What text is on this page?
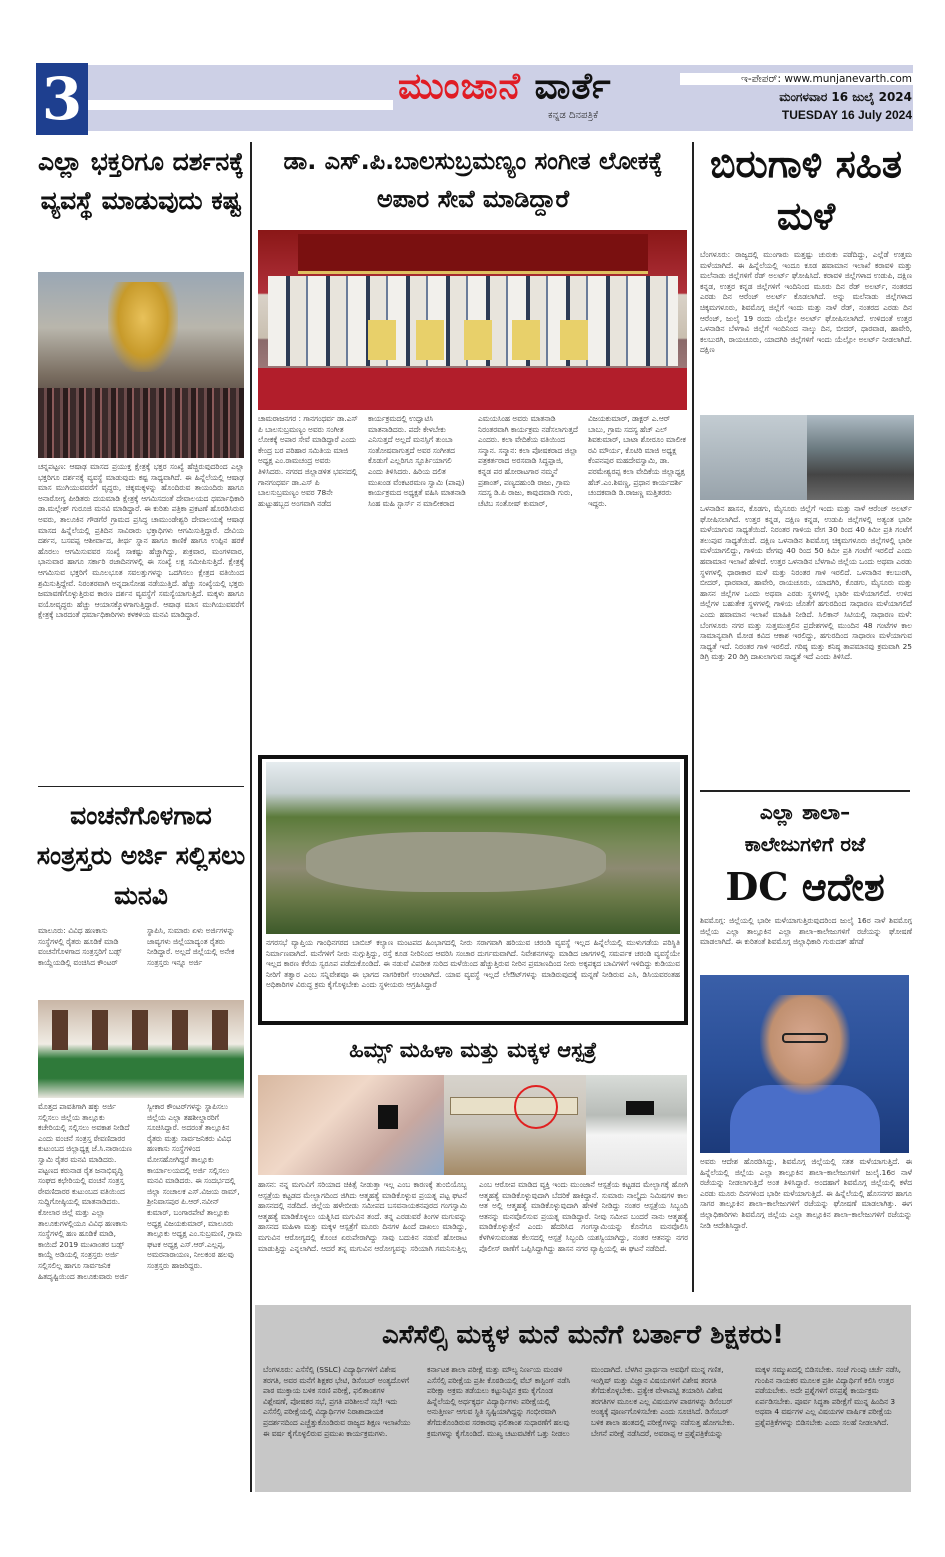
3	ಮುಂಜಾನೆ ವಾರ್ತೆ
ಕನ್ನಡ ದಿನಪತ್ರಿಕೆ
ಇ-ಪೇಪರ್: www.munjanevarth.com
ಮಂಗಳವಾರ 16 ಜುಲೈ 2024
TUESDAY 16 July 2024
ಎಲ್ಲಾ ಭಕ್ತರಿಗೂ ದರ್ಶನಕ್ಕೆ ವ್ಯವಸ್ಥೆ ಮಾಡುವುದು ಕಷ್ಟ
ಚನ್ನಪಟ್ಟಣ: ಆಷಾಢ ಮಾಸದ ಪ್ರಯುಕ್ತ ಕ್ಷೇತ್ರಕ್ಕೆ ಭಕ್ತರ ಸಂಖ್ಯೆ ಹೆಚ್ಚಿರುವುದರಿಂದ ಎಲ್ಲಾ ಭಕ್ತರಿಗೂ ದರ್ಶನಕ್ಕೆ ವ್ಯವಸ್ಥೆ ಮಾಡುವುದು ಕಷ್ಟ ಸಾಧ್ಯವಾಗಿದೆ. ಈ ಹಿನ್ನೆಲೆಯಲ್ಲಿ ಆಷಾಢ ಮಾಸ ಮುಗಿಯುವವರೆಗೆ ವೃದ್ಧರು, ಚಿಕ್ಕಮಕ್ಕಳನ್ನು ಹೊಂದಿರುವ ತಾಯಂದಿರು ಹಾಗೂ ಅನಾರೋಗ್ಯ ಪೀಡಿತರು ದಯಮಾಡಿ ಕ್ಷೇತ್ರಕ್ಕೆ ಆಗಮಿಸದಂತೆ ದೇವಾಲಯದ ಧರ್ಮಾಧಿಕಾರಿ ಡಾ.ಮಲ್ಲೇಶ್ ಗುರೂಜಿ ಮನವಿ ಮಾಡಿದ್ದಾರೆ. ಈ ಕುರಿತು ಪತ್ರಿಕಾ ಪ್ರಕಟಣೆ ಹೊರಡಿಸಿರುವ ಅವರು, ತಾಲೂಕಿನ ಗೌಡಗೆರೆ ಗ್ರಾಮದ ಪ್ರಸಿದ್ಧ ಚಾಮುಂಡೇಶ್ವರಿ ದೇವಾಲಯಕ್ಕೆ ಆಷಾಢ ಮಾಸದ ಹಿನ್ನೆಲೆಯಲ್ಲಿ ಪ್ರತಿದಿನ ಸಾವಿರಾರು ಭಕ್ತಾಧಿಗಳು ಆಗಮಿಸುತ್ತಿದ್ದಾರೆ. ದೇವಿಯ ದರ್ಶನ, ಬಸವಪ್ಪ ಆಶೀರ್ವಾದ, ತೀರ್ಥ ಸ್ನಾನ ಹಾಗೂ ಕಾಣಿಕೆ ಹಾಗೂ ಉಪ್ಪಿನ ಹರಕೆ ಹೊರಲು ಆಗಮಿಸುವವರ ಸಂಖ್ಯೆ ಸಾಕಷ್ಟು ಹೆಚ್ಚಾಗಿದ್ದು, ಶುಕ್ರವಾರ, ಮಂಗಳವಾರ, ಭಾನುವಾರ ಹಾಗೂ ಸರ್ಕಾರಿ ರಜಾದಿನಗಳಲ್ಲಿ ಈ ಸಂಖ್ಯೆ ಲಕ್ಷ ಸಮೀಪಿಸುತ್ತಿದೆ. ಕ್ಷೇತ್ರಕ್ಕೆ ಆಗಮಿಸುವ ಭಕ್ತರಿಗೆ ಮೂಲಭೂತ ಸವಲತ್ತುಗಳನ್ನು ಒದಗಿಸಲು ಕ್ಷೇತ್ರದ ವತಿಯಿಂದ ಶ್ರಮಿಸುತ್ತಿದ್ದೇವೆ. ನಿರಂತರವಾಗಿ ಅನ್ನದಾಸೋಹ ನಡೆಯುತ್ತಿದೆ. ಹೆಚ್ಚು ಸಂಖ್ಯೆಯಲ್ಲಿ ಭಕ್ತರು ಜಮಾವಣೆಗೊಳ್ಳುತ್ತಿರುವ ಕಾರಣ ದರ್ಶನ ವ್ಯವಸ್ಥೆಗೆ ಸಮಸ್ಯೆಯಾಗುತ್ತಿದೆ. ಮಕ್ಕಳು ಹಾಗೂ ವಯೋವೃದ್ಧರು ಹೆಚ್ಚು ಆಯಾಸಕ್ಕೊಳಗಾಗುತ್ತಿದ್ದಾರೆ. ಆಷಾಢ ಮಾಸ ಮುಗಿಯುವವರೆಗೆ ಕ್ಷೇತ್ರಕ್ಕೆ ಬಾರದಂತೆ ಧರ್ಮಾಧಿಕಾರಿಗಳು ಕಳಕಳಿಯ ಮನವಿ ಮಾಡಿದ್ದಾರೆ.
ಡಾ. ಎಸ್.ಪಿ.ಬಾಲಸುಬ್ರಮಣ್ಯಂ ಸಂಗೀತ ಲೋಕಕ್ಕೆ ಅಪಾರ ಸೇವೆ ಮಾಡಿದ್ದಾರೆ
ಚಾಮರಾಜನಗರ : ಗಾನಗಂಧರ್ವ ಡಾ.ಎಸ್ ಪಿ ಬಾಲಸುಬ್ರಮಣ್ಯಂ ಅವರು ಸಂಗೀತ ಲೋಕಕ್ಕೆ ಅಪಾರ ಸೇವೆ ಮಾಡಿದ್ದಾರೆ ಎಂದು ಕೇಂದ್ರ ಬರ ಪರಿಹಾರ ಸಮಿತಿಯ ಮಾಜಿ ಅಧ್ಯಕ್ಷ ಎಂ.ರಾಮಚಂದ್ರ ಅವರು ತಿಳಿಸಿದರು. ನಗರದ ಜಿಲ್ಲಾಡಳಿತ ಭವನದಲ್ಲಿ ಗಾನಗಂಧರ್ವ ಡಾ.ಎಸ್ ಪಿ ಬಾಲಸುಬ್ರಮಣ್ಯಂ ಅವರ 78ನೇ ಹುಟ್ಟುಹಬ್ಬದ ಅಂಗವಾಗಿ ನಡೆದ ಕಾರ್ಯಕ್ರಮದಲ್ಲಿ ಉದ್ಘಾಟಿಸಿ ಮಾತನಾಡಿದರು. ಪದೇ ಕೇಳಬೇಕು ಎನಿಸುತ್ತದೆ ಅಲ್ಲದೆ ಮನಸ್ಸಿಗೆ ತುಂಬಾ ಸಂತೋಷವಾಗುತ್ತದೆ ಅವರ ಸಂಗೀತದ ಕೊಡುಗೆ ಎಲ್ಲರಿಗೂ ಸ್ಫೂರ್ತಿಯಾಗಲಿ ಎಂದು ತಿಳಿಸಿದರು. ಹಿರಿಯ ದಲಿತ ಮುಖಂಡ ವೆಂಕಟರಮಣ ಸ್ವಾಮಿ (ಪಾಪು) ಕಾರ್ಯಕ್ರಮದ ಅಧ್ಯಕ್ಷತೆ ವಹಿಸಿ ಮಾತನಾಡಿ ಸಿಂಹ ಮಹಿ ಸ್ಟಾರ್ಸ್ ನ ಮಾಲೀಕರಾದ ಎಮಯಸಿಂಹ ಅವರು ಮಾತನಾಡಿ ನಿರಂತರವಾಗಿ ಕಾರ್ಯಕ್ರಮ ನಡೆಸಲಾಗುತ್ತದೆ ಎಂದರು. ಕಲಾ ವೇದಿಕೆಯ ವತಿಯಿಂದ ಸನ್ಮಾನ. ಸನ್ಮಾನ: ಕಲಾ ಪೋಷಕರಾದ ಜಿಲ್ಲಾ ಪತ್ರಕರ್ತರಾದ ಅರಸವಾಡಿ ಸಿದ್ಧಪ್ಪಾಜಿ, ಕನ್ನಡ ಪರ ಹೋರಾಟಗಾರ ನಮ್ಮನೆ ಪ್ರಶಾಂತ್, ಪಣ್ಯದಹುಂಡಿ ರಾಜು, ಗ್ರಾಮ ಸದಸ್ಯ ಡಿ.ಪಿ ರಾಜು, ಕಾವುದವಾಡಿ ಗುರು, ಚೆಟಿಬ ಸಂತೋಷ್ ಕುಮಾರ್, ವಿಜಯಕುಮಾರ್, ಡಾಕ್ಟರ್ ಎ.ಆರ್ ಬಾಬು, ಗ್ರಾಮ ಸದಸ್ಯ ಹೆಚ್ ಎಲ್ ಶಿವಕುಮಾರ್, ಬಾಟಾ ಶೋರೂಂ ಮಾಲೀಕ ರವಿ ಮೌರ್ಯ, ಕೊಟಿರಿ ಮಾಜಿ ಅಧ್ಯಕ್ಷ ಕೆಂಪನಪುರ ಮಹದೇವಸ್ವಾಮಿ, ಡಾ. ಪರಮೇಶ್ವರಪ್ಪ ಕಲಾ ವೇದಿಕೆಯ ಜಿಲ್ಲಾಧ್ಯಕ್ಷ ಹೆಚ್.ಎಂ.ಶಿವಣ್ಣ, ಪ್ರಧಾನ ಕಾರ್ಯದರ್ಶಿ ಚಂದಕವಾಡಿ ಡಿ.ರಾಜಣ್ಣ ಮತ್ತಿತರರು ಇದ್ದರು.
ಬಿರುಗಾಳಿ ಸಹಿತ ಮಳೆ
ಬೆಂಗಳೂರು: ರಾಜ್ಯದಲ್ಲಿ ಮುಂಗಾರು ಮತ್ತಷ್ಟು ಚುರುಕು ಪಡೆದಿದ್ದು, ಎಲ್ಲೆಡೆ ಉತ್ತಮ ಮಳೆಯಾಗಿದೆ. ಈ ಹಿನ್ನೆಲೆಯಲ್ಲಿ ಇಂದೂ ಕೂಡ ಹವಾಮಾನ ಇಲಾಖೆ ಕರಾವಳಿ ಮತ್ತು ಮಲೆನಾಡು ಜಿಲ್ಲೆಗಳಿಗೆ ರೆಡ್ ಅಲರ್ಟ್ ಘೋಷಿಸಿದೆ. ಕರಾವಳಿ ಜಿಲ್ಲೆಗಳಾದ ಉಡುಪಿ, ದಕ್ಷಿಣ ಕನ್ನಡ, ಉತ್ತರ ಕನ್ನಡ ಜಿಲ್ಲೆಗಳಿಗೆ ಇಂದಿನಿಂದ ಮೂರು ದಿನ ರೆಡ್ ಅಲರ್ಟ್, ನಂತರದ ಎರಡು ದಿನ ಆರೆಂಜ್ ಅಲರ್ಟ್ ಕೊಡಲಾಗಿದೆ. ಅನ್ನು ಮಲೆನಾಡು ಜಿಲ್ಲೆಗಳಾದ ಚಿಕ್ಕಮಗಳೂರು, ಶಿವಮೊಗ್ಗ ಜಿಲ್ಲೆಗೆ ಇಂದು ಮತ್ತು ನಾಳೆ ರೆಡ್, ನಂತರದ ಎರಡು ದಿನ ಆರೆಂಜ್, ಜುಲೈ 19 ರಂದು ಯೆಲ್ಲೋ ಅಲರ್ಟ್ ಘೋಷಿಸಲಾಗಿದೆ. ಉಳಿದಂತೆ ಉತ್ತರ ಒಳನಾಡಿನ ಬೆಳಗಾವಿ ಜಿಲ್ಲೆಗೆ ಇಂದಿನಿಂದ ನಾಲ್ಕು ದಿನ, ಬೀದರ್, ಧಾರವಾಡ, ಹಾವೇರಿ, ಕಲಬುರಗಿ, ರಾಯಚೂರು, ಯಾದಗಿರಿ ಜಿಲ್ಲೆಗಳಿಗೆ ಇಂದು ಯೆಲ್ಲೋ ಅಲರ್ಟ್ ನೀಡಲಾಗಿದೆ. ದಕ್ಷಿಣ
ಒಳನಾಡಿನ ಹಾಸನ, ಕೊಡಗು, ಮೈಸೂರು ಜಿಲ್ಲೆಗೆ ಇಂದು ಮತ್ತು ನಾಳೆ ಆರೆಂಜ್ ಅಲರ್ಟ್ ಘೋಷಿಸಲಾಗಿದೆ. ಉತ್ತರ ಕನ್ನಡ, ದಕ್ಷಿಣ ಕನ್ನಡ, ಉಡುಪಿ ಜಿಲ್ಲೆಗಳಲ್ಲಿ ಅತ್ಯಂತ ಭಾರೀ ಮಳೆಯಾಗುವ ಸಾಧ್ಯತೆಯಿದೆ. ನಿರಂತರ ಗಾಳಿಯ ವೇಗ 30 ರಿಂದ 40 ಕಿಮೀ ಪ್ರತಿ ಗಂಟೆಗೆ ತಲುಪುವ ಸಾಧ್ಯತೆಯಿದೆ. ದಕ್ಷಿಣ ಒಳನಾಡಿನ ಶಿವಮೊಗ್ಗ ಚಿಕ್ಕಮಗಳೂರು ಜಿಲ್ಲೆಗಳಲ್ಲಿ ಭಾರೀ ಮಳೆಯಾಗಲಿದ್ದು, ಗಾಳಿಯ ವೇಗವು 40 ರಿಂದ 50 ಕಿಮೀ ಪ್ರತಿ ಗಂಟೆಗೆ ಇರಲಿದೆ ಎಂದು ಹವಾಮಾನ ಇಲಾಖೆ ಹೇಳಿದೆ. ಉತ್ತರ ಒಳನಾಡಿನ ಬೆಳಗಾವಿ ಜಿಲ್ಲೆಯ ಒಂದು ಅಥವಾ ಎರಡು ಸ್ಥಳಗಳಲ್ಲಿ ಧಾರಾಕಾರ ಮಳೆ ಮತ್ತು ನಿರಂತರ ಗಾಳಿ ಇರಲಿದೆ. ಒಳನಾಡಿನ ಕಲಬುರಗಿ, ಬೀದರ್, ಧಾರವಾಡ, ಹಾವೇರಿ, ರಾಯಚೂರು, ಯಾದಗಿರಿ, ಕೊಡಗು, ಮೈಸೂರು ಮತ್ತು ಹಾಸನ ಜಿಲ್ಲೆಗಳ ಒಂದು ಅಥವಾ ಎರಡು ಸ್ಥಳಗಳಲ್ಲಿ ಭಾರೀ ಮಳೆಯಾಗಲಿದೆ. ಉಳಿದ ಜಿಲ್ಲೆಗಳ ಬಹುತೇಕ ಸ್ಥಳಗಳಲ್ಲಿ ಗಾಳಿಯ ಜೊತೆಗೆ ಹಗುರದಿಂದ ಸಾಧಾರಣ ಮಳೆಯಾಗಲಿದೆ ಎಂದು ಹವಾಮಾನ ಇಲಾಖೆ ಮಾಹಿತಿ ನೀಡಿದೆ. ಸಿಲಿಕಾನ್ ಸಿಟಿಯಲ್ಲಿ ಸಾಧಾರಣ ಮಳೆ: ಬೆಂಗಳೂರು ನಗರ ಮತ್ತು ಸುತ್ತಮುತ್ತಲಿನ ಪ್ರದೇಶಗಳಲ್ಲಿ ಮುಂದಿನ 48 ಗಂಟೆಗಳ ಕಾಲ ಸಾಮಾನ್ಯವಾಗಿ ಮೋಡ ಕವಿದ ಆಕಾಶ ಇರಲಿದ್ದು, ಹಗುರದಿಂದ ಸಾಧಾರಣ ಮಳೆಯಾಗುವ ಸಾಧ್ಯತೆ ಇದೆ. ನಿರಂತರ ಗಾಳಿ ಇರಲಿದೆ. ಗರಿಷ್ಠ ಮತ್ತು ಕನಿಷ್ಠ ತಾಪಮಾನವು ಕ್ರಮವಾಗಿ 25 ಡಿಗ್ರಿ ಮತ್ತು 20 ಡಿಗ್ರಿ ದಾಖಲಾಗುವ ಸಾಧ್ಯತೆ ಇದೆ ಎಂದು ತಿಳಿಸಿದೆ.
ನಗರಸಭೆ ವ್ಯಾಪ್ತಿಯ ಗಾಂಧಿನಗರದ ಬಾಬಿಚ್ ಕಲ್ಯಾಣ ಮಂಟಪದ ಹಿಂಭಾಗದಲ್ಲಿ ನೀರು ಸರಾಗವಾಗಿ ಹರಿಯುವ ಚರಂಡಿ ವ್ಯವಸ್ಥೆ ಇಲ್ಲದ ಹಿನ್ನೆಲೆಯಲ್ಲಿ ಮುಳುಗಡೆಯ ಪರಿಸ್ಥಿತಿ ನಿರ್ಮಾಣವಾಗಿದೆ. ಮನೆಗಳಿಗೆ ನೀರು ನುಗ್ಗುತ್ತಿದ್ದು, ರಸ್ತೆ ಕೂಡ ನೀರಿನಿಂದ ಆವರಿಸಿ ಸಂಚಾರ ದುರ್ಗಮವಾಗಿದೆ. ನಿವೇಶನಗಳನ್ನು ಮಾಡಿದ ಜಾಗಗಳಲ್ಲಿ ಸಮರ್ಪಕ ಚರಂಡಿ ವ್ಯವಸ್ಥೆಯೇ ಇಲ್ಲದ ಕಾರಣ ಕೆರೆಯ ಸ್ವರೂಪ ಪಡೆದುಕೊಂಡಿದೆ. ಈ ನಡುವೆ ವಿಪರೀತ ಸುರಿದ ಮಳೆಯಿಂದ ಹೆಚ್ಚುತ್ತಿರುವ ನೀರಿನ ಪ್ರಮಾಣದಿಂದ ನೀರು ಅಕ್ಕಪಕ್ಕದ ಬಾವಿಗಳಿಗೆ ಇಳಿದಿದ್ದು ಕುಡಿಯುವ ನೀರಿಗೆ ತತ್ವಾರ ಎಂಬ ಸನ್ನಿವೇಶವೂ ಈ ಭಾಗದ ನಾಗರಿಕರಿಗೆ ಉಂಟಾಗಿದೆ. ಯಾವ ವ್ಯವಸ್ಥೆ ಇಲ್ಲದೆ ಲೇಔಟ್‌ಗಳನ್ನು ಮಾಡಿರುವುದಕ್ಕೆ ಮನ್ನಣೆ ನೀಡಿರುವ ಎಸಿ, ಡಿಸಿಯವರಂತಹ ಅಧಿಕಾರಿಗಳ ವಿರುದ್ಧ ಕ್ರಮ ಕೈಗೊಳ್ಳಬೇಕು ಎಂದು ಸ್ಥಳೀಯರು ಆಗ್ರಹಿಸಿದ್ದಾರೆ
ವಂಚನೆಗೊಳಗಾದ ಸಂತ್ರಸ್ತರು ಅರ್ಜಿ ಸಲ್ಲಿಸಲು ಮನವಿ
ಮಾಲೂರು: ವಿವಿಧ ಹಣಕಾಸು ಸಂಸ್ಥೆಗಳಲ್ಲಿ ರೈತರು ಹೂಡಿಕೆ ಮಾಡಿ ವಂಚನೆಗೊಳಗಾದ ಸಂತ್ರಸ್ತರಿಗೆ ಬಡ್ಸ್ ಕಾಯ್ದೆಯಡಿಲ್ಲಿ ವಂಚಿಸಿದ ಕೌಂಟರ್ ಸ್ಥಾಪಿಸಿ, ಸುಮಾರು ಏಳು ಅರ್ಜಿಗಳನ್ನು ಜಾವ್ಯಗಳು ಜಿಲ್ಲೆಯಾದ್ಯಂತ ರೈತರು ನೀಡಿದ್ದಾರೆ. ಅಲ್ಲದೆ ಜಿಲ್ಲೆಯಲ್ಲಿ ಅನೇಕ ಸಂತ್ರಸ್ತರು ಇನ್ನೂ ಅರ್ಜಿ
ಮೊತ್ತದ ಪಾವತಿಗಾಗಿ ಹಕ್ಕು ಅರ್ಜಿ ಸಲ್ಲಿಸಲು ಜಿಲ್ಲೆಯ ತಾಲ್ಲೂಕು ಕಚೇರಿಯಲ್ಲಿ ಸಲ್ಲಿಸಲು ಅವಕಾಶ ನೀಡಿದೆ ಎಂದು ವಂಚನೆ ಸಂತ್ರಸ್ತ ಠೇವಣಿದಾರರ ಕುಟುಂಬದ ಜಿಲ್ಲಾಧ್ಯಕ್ಷ ಜೆ.ಸಿ.ನಾರಾಯಣ ಸ್ವಾಮಿ ರೈತರ ಮನವಿ ಮಾಡಿದರು. ಪಟ್ಟಣದ ಕರುನಾಡ ರೈತ ಜನಾಭಿವೃದ್ಧಿ ಸಂಘದ ಕಛೇರಿಯಲ್ಲಿ ವಂಚನೆ ಸಂತ್ರಸ್ತ ಠೇವಣಿದಾರರ ಕುಟುಂಬದ ವತಿಯಿಂದ ಸುದ್ದಿಗೋಷ್ಠಿಯಲ್ಲಿ ಮಾತನಾಡಿದರು. ಕೋಲಾರ ಜಿಲ್ಲೆ ಮತ್ತು ಎಲ್ಲಾ ತಾಲೂಕುಗಳಲ್ಲಿಯೂ ವಿವಿಧ ಹಣಕಾಸು ಸಂಸ್ಥೆಗಳಲ್ಲಿ ಹಣ ಹೂಡಿಕೆ ಮಾಡಿ, ಕಾಯಿದೆ 2019 ಮುಖಾಂತರ ಬಡ್ಸ್ ಕಾಯ್ದೆ ಅಡಿಯಲ್ಲಿ ಸಂತ್ರಸ್ತರು ಅರ್ಜಿ ಸಲ್ಲಿಸಲಿಲ್ಲ ಹಾಗೂ ಸಾರ್ವಜನಿಕ ಹಿತದೃಷ್ಟಿಯಿಂದ ತಾಲೂಕುವಾರು ಅರ್ಜಿ ಸ್ವೀಕಾರ ಕೌಂಟರ್‌ಗಳನ್ನು ಸ್ಥಾಪಿಸಲು ಜಿಲ್ಲೆಯ ಎಲ್ಲಾ ತಹಶೀಲ್ದಾರರಿಗೆ ಸೂಚಿಸಿದ್ದಾರೆ. ಅದರಂತೆ ತಾಲ್ಲೂಕಿನ ರೈತರು ಮತ್ತು ಸಾರ್ವಜನಿಕರು ವಿವಿಧ ಹಣಕಾಸು ಸಂಸ್ಥೆಗಳಿಂದ ಮೋಸಹೋಗಿದ್ದರೆ ತಾಲ್ಲೂಕು ಕಾರ್ಯಾಲಯದಲ್ಲಿ ಅರ್ಜಿ ಸಲ್ಲಿಸಲು ಮನವಿ ಮಾಡಿದರು. ಈ ಸಂದರ್ಭದಲ್ಲಿ ಜಿಲ್ಲಾ ಸಂಚಾಲಕ ಎಸ್.ವಿಜಯ ರಾಮ್, ಶ್ರೀನಿವಾಸಪುರ ಪಿ.ಆರ್.ನವೀನ್ ಕುಮಾರ್, ಬಂಗಾರಪೇಟೆ ತಾಲ್ಲೂಕು ಅಧ್ಯಕ್ಷ ವಿಜಯಕುಮಾರ್, ಮಾಲೂರು ತಾಲ್ಲೂಕು ಅಧ್ಯಕ್ಷ ಎಂ.ಸುಬ್ರಮಣಿ, ಗ್ರಾಮ ಘಟಕ ಅಧ್ಯಕ್ಷ ಎಸ್.ಆರ್.ಎಲ್ಲಪ್ಪ, ಅಮರನಾರಾಯಣ, ನೀಲಕಂಠ ಹಲವು ಸಂತ್ರಸ್ತರು ಹಾಜರಿದ್ದರು.
ಹಿಮ್ಸ್ ಮಹಿಳಾ ಮತ್ತು ಮಕ್ಕಳ ಆಸ್ಪತ್ರೆ
ಹಾಸನ: ನನ್ನ ಮಗುವಿಗೆ ಸರಿಯಾದ ಚಿಕಿತ್ಸೆ ನೀಡುತ್ತಾ ಇಲ್ಲ ಎಂಬ ಕಾರಣಕ್ಕೆ ತುಂಬಿಯೊಬ್ಬ ಆಸ್ಪತ್ರೆಯ ಕಟ್ಟಡದ ಮೇಲ್ಭಾಗದಿಂದ ಜಿಗಿದು ಆತ್ಮಹತ್ಯೆ ಮಾಡಿಕೊಳ್ಳುವ ಪ್ರಯತ್ನ ಪಟ್ಟ ಘಟನೆ ಹಾಸನದಲ್ಲಿ ನಡೆದಿದೆ. ಜಿಲ್ಲೆಯ ಹಳೇಬೀಡು ಸಮೀಪದ ಬಸವನಾಯಕನಪುರದ ಗಂಗಸ್ವಾಮಿ ಆತ್ಮಹತ್ಯೆ ಮಾಡಿಕೊಳ್ಳಲು ಯತ್ನಿಸಿದ ಮಗುವಿನ ತಂದೆ. ತನ್ನ ಎರಡುವರೆ ತಿಂಗಳ ಮಗುವನ್ನು ಹಾಸನದ ಮಹಿಳಾ ಮತ್ತು ಮಕ್ಕಳ ಆಸ್ಪತ್ರೆಗೆ ಮೂರು ದಿನಗಳ ಹಿಂದೆ ದಾಖಲು ಮಾಡಿದ್ದು, ಮಗುವಿನ ಆರೋಗ್ಯದಲ್ಲಿ ಕೊಂಚ ಏರುಪೇರಾಗಿದ್ದು ಸಾವು ಬದುಕಿನ ನಡುವೆ ಹೋರಾಟ ಮಾಡುತ್ತಿದ್ದು ಎನ್ನಲಾಗಿದೆ. ಆದರೆ ತನ್ನ ಮಗುವಿನ ಆರೋಗ್ಯವನ್ನು ಸರಿಯಾಗಿ ಗಮನಿಸುತ್ತಿಲ್ಲ ಎಂಬ ಆರೋಪ ಮಾಡಿದ ವ್ಯಕ್ತಿ ಇಂದು ಮುಂಜಾನೆ ಆಸ್ಪತ್ರೆಯ ಕಟ್ಟಡದ ಮೇಲ್ಭಾಗಕ್ಕೆ ಹೋಗಿ ಆತ್ಮಹತ್ಯೆ ಮಾಡಿಕೊಳ್ಳುವುದಾಗಿ ಬೆದರಿಕೆ ಹಾಕಿದ್ದಾನೆ. ಸುಮಾರು ನಾಲ್ಕೈದು ನಿಮಿಷಗಳ ಕಾಲ ಆತ ಅಲ್ಲಿ ಆತ್ಮಹತ್ಯೆ ಮಾಡಿಕೊಳ್ಳುವುದಾಗಿ ಹೇಳಿಕೆ ನೀಡಿದ್ದು ನಂತರ ಆಸ್ಪತ್ರೆಯ ಸಿಬ್ಬಂದಿ ಆತನನ್ನು ಮನವೊಲಿಸುವ ಪ್ರಯತ್ನ ಮಾಡಿದ್ದಾರೆ. ನೀವು ಸಮೀಪ ಬಂದರೆ ನಾನು ಆತ್ಮಹತ್ಯೆ ಮಾಡಿಕೊಳ್ಳುತ್ತೇನೆ ಎಂದು ಹೆದರಿಸಿದ ಗಂಗಸ್ವಾಮಿಯನ್ನು ಕೊನೆಗೂ ಮನವೊಲಿಸಿ ಕೆಳಗಿಳಿಸುವಂತಹ ಕೆಲಸದಲ್ಲಿ ಆಸ್ಪತ್ರೆ ಸಿಬ್ಬಂದಿ ಯಶಸ್ವಿಯಾಗಿದ್ದು, ನಂತರ ಆತನನ್ನು ನಗರ ಪೊಲೀಸ್ ಠಾಣೆಗೆ ಒಪ್ಪಿಸಿದ್ದಾಗಿದ್ದು ಹಾಸನ ನಗರ ವ್ಯಾಪ್ತಿಯಲ್ಲಿ ಈ ಘಟನೆ ನಡೆದಿದೆ.
ಎಲ್ಲಾ ಶಾಲಾ–
ಕಾಲೇಜುಗಳಿಗೆ ರಜೆ
DC ಆದೇಶ
ಶಿವಮೊಗ್ಗ: ಜಿಲ್ಲೆಯಲ್ಲಿ ಭಾರೀ ಮಳೆಯಾಗುತ್ತಿರುವುದರಿಂದ ಜುಲೈ 16ರ ನಾಳೆ ಶಿವಮೊಗ್ಗ ಜಿಲ್ಲೆಯ ಎಲ್ಲಾ ತಾಲ್ಲೂಕಿನ ಎಲ್ಲಾ ಶಾಲಾ–ಕಾಲೇಜುಗಳಿಗೆ ರಜೆಯನ್ನು ಘೋಷಣೆ ಮಾಡಲಾಗಿದೆ. ಈ ಕುರಿತಂತೆ ಶಿವಮೊಗ್ಗ ಜಿಲ್ಲಾಧಿಕಾರಿ ಗುರುದತ್ ಹೆಗಡೆ
ಅವರು ಆದೇಶ ಹೊರಡಿಸಿದ್ದು, ಶಿವಮೊಗ್ಗ ಜಿಲ್ಲೆಯಲ್ಲಿ ಸತತ ಮಳೆಯಾಗುತ್ತಿದೆ. ಈ ಹಿನ್ನೆಲೆಯಲ್ಲಿ ಜಿಲ್ಲೆಯ ಎಲ್ಲಾ ತಾಲ್ಲೂಕಿನ ಶಾಲಾ–ಕಾಲೇಜುಗಳಿಗೆ ಜುಲೈ.16ರ ನಾಳೆ ರಜೆಯನ್ನು ನೀಡಲಾಗುತ್ತಿದೆ ಅಂತ ತಿಳಿಸಿದ್ದಾರೆ. ಅಂದಹಾಗೆ ಶಿವಮೊಗ್ಗ ಜಿಲ್ಲೆಯಲ್ಲಿ ಕಳೆದ ಎರಡು ಮೂರು ದಿನಗಳಿಂದ ಭಾರೀ ಮಳೆಯಾಗುತ್ತಿದೆ. ಈ ಹಿನ್ನೆಲೆಯಲ್ಲಿ ಹೊಸನಗರ ಹಾಗೂ ಸಾಗರ ತಾಲ್ಲೂಕಿನ ಶಾಲಾ–ಕಾಲೇಜುಗಳಿಗೆ ರಜೆಯನ್ನು ಘೋಷಣೆ ಮಾಡಲಾಗಿತ್ತು. ಈಗ ಜಿಲ್ಲಾಧಿಕಾರಿಗಳು ಶಿವಮೊಗ್ಗ ಜಿಲ್ಲೆಯ ಎಲ್ಲಾ ತಾಲ್ಲೂಕಿನ ಶಾಲಾ–ಕಾಲೇಜುಗಳಿಗೆ ರಜೆಯನ್ನು ನೀಡಿ ಆದೇಶಿಸಿದ್ದಾರೆ.
ಎಸೆಸೆಲ್ಸಿ ಮಕ್ಕಳ ಮನೆ ಮನೆಗೆ ಬರ್ತಾರೆ ಶಿಕ್ಷಕರು!
ಬೆಂಗಳೂರು: ಎಸೆಸೆಲ್ಸಿ (SSLC) ವಿದ್ಯಾರ್ಥಿಗಳಿಗೆ ವಿಶೇಷ ತರಗತಿ, ಅವರ ಮನೆಗೆ ಶಿಕ್ಷಕರ ಭೇಟಿ, ಡಿಸೆಂಬರ್ ಅಂತ್ಯದೊಳಗೆ ಪಾಠ ಮುಕ್ತಾಯ ಬಳಿಕ ಸರಣಿ ಪರೀಕ್ಷೆ, ಫಲಿತಾಂಶಗಳ ವಿಶ್ಲೇಷಣೆ, ಪೋಷಕರ ಸಭೆ, ಪ್ರಗತಿ ಪರಿಶೀಲನೆ ಸಭೆ! ಇದು ಎಸೆಸೆಲ್ಸಿ ಪರೀಕ್ಷೆಯಲ್ಲಿ ವಿದ್ಯಾರ್ಥಿಗಳ ನಿರಾಶಾದಾಯಕ ಪ್ರದರ್ಶನದಿಂದ ಎಚ್ಚೆತ್ತುಕೊಂಡಿರುವ ರಾಜ್ಯದ ಶಿಕ್ಷಣ ಇಲಾಖೆಯು ಈ ವರ್ಷ ಕೈಗೊಳ್ಳಲಿರುವ ಪ್ರಮುಖ ಕಾರ್ಯಕ್ರಮಗಳು. ಕರ್ನಾಟಕ ಶಾಲಾ ಪರೀಕ್ಷೆ ಮತ್ತು ಮೌಲ್ಯ ನಿರ್ಣಯ ಮಂಡಳಿ ಎಸೆಸೆಲ್ಸಿ ಪರೀಕ್ಷೆಯ ಪ್ರತೀ ಕೊಠಡಿಯಲ್ಲಿ ವೆಬ್ ಕಾಸ್ಟಿಂಗ್ ನಡೆಸಿ ಪರೀಕ್ಷಾ ಅಕ್ರಮ ತಡೆಯಲು ಕಟ್ಟುನಿಟ್ಟಿನ ಕ್ರಮ ಕೈಗೊಂಡ ಹಿನ್ನೆಲೆಯಲ್ಲಿ ಅರ್ಧಕ್ಕರ್ಧ ವಿದ್ಯಾರ್ಥಿಗಳು ಪರೀಕ್ಷೆಯಲ್ಲಿ ಅನುತ್ತೀರ್ಣ ಆಗುವ ಸ್ಥಿತಿ ಸೃಷ್ಟಿಯಾಗಿದ್ದನ್ನು ಗಂಭೀರವಾಗಿ ತೆಗೆದುಕೊಂಡಿರುವ ಸರಕಾರವು ಫಲಿತಾಂಶ ಸುಧಾರಣೆಗೆ ಹಲವು ಕ್ರಮಗಳನ್ನು ಕೈಗೊಂಡಿದೆ. ಮುಖ್ಯ ಚಟುವಟಿಕೆಗೆ ಒತ್ತು ನೀಡಲು ಮುಂದಾಗಿದೆ. ಬೆಳಗಿನ ಪ್ರಾರ್ಥನಾ ಅವಧಿಗೆ ಮುನ್ನ ಗಣಿತ, ಇಂಗ್ಲಿಷ್ ಮತ್ತು ವಿಜ್ಞಾನ ವಿಷಯಗಳಿಗೆ ವಿಶೇಷ ತರಗತಿ ತೆಗೆದುಕೊಳ್ಳಬೇಕು. ಪ್ರತ್ಯೇಕ ವೇಳಾಪಟ್ಟಿ ತಯಾರಿಸಿ ವಿಶೇಷ ತರಗತಿಗಳ ಮೂಲಕ ಎಲ್ಲ ವಿಷಯಗಳ ಪಾಠಗಳನ್ನು ಡಿಸೆಂಬರ್ ಅಂತ್ಯಕ್ಕೆ ಪೂರ್ಣಗೊಳಿಸಬೇಕು ಎಂದು ಸೂಚಿಸಿದೆ. ಡಿಸೆಂಬರ್ ಬಳಿಕ ಶಾಲಾ ಹಂತದಲ್ಲಿ ಪರೀಕ್ಷೆಗಳನ್ನು ನಡೆಸುತ್ತ ಹೋಗಬೇಕು. ಬೇಗನೆ ಪರೀಕ್ಷೆ ನಡೆಸಿದರೆ, ಅವರಾಪ್ಪ ಆ ಪ್ರಶ್ನೆಪತ್ರಿಕೆಯನ್ನು ಮಕ್ಕಳ ಸಮ್ಮುಖದಲ್ಲಿ ಬಿಡಿಸಬೇಕು. ಸಂಜೆ ಗುಂಪು ಚರ್ಚೆ ನಡೆಸಿ, ಗುಂಪಿನ ನಾಯಕರ ಮೂಲಕ ಪ್ರತೀ ವಿದ್ಯಾರ್ಥಿಗೆ ಕಲಿಸಿ ಉತ್ತರ ಪಡೆಯಬೇಕು. ಅದೇ ಪ್ರಶ್ನೆಗಳಿಗೆ ರಸಪ್ರಶ್ನೆ ಕಾರ್ಯಕ್ರಮ ಏರ್ಪಡಿಸಬೇಕು. ಪೂರ್ವ ಸಿದ್ಧತಾ ಪರೀಕ್ಷೆಗೆ ಮುನ್ನ ಹಿಂದಿನ 3 ಅಥವಾ 4 ವರ್ಷಗಳ ಎಲ್ಲ ವಿಷಯಗಳ ವಾರ್ಷಿಕ ಪರೀಕ್ಷೆಯ ಪ್ರಶ್ನೆಪತ್ರಿಕೆಗಳನ್ನು ಬಿಡಿಸಬೇಕು ಎಂದು ಸಲಹೆ ನೀಡಲಾಗಿದೆ.
